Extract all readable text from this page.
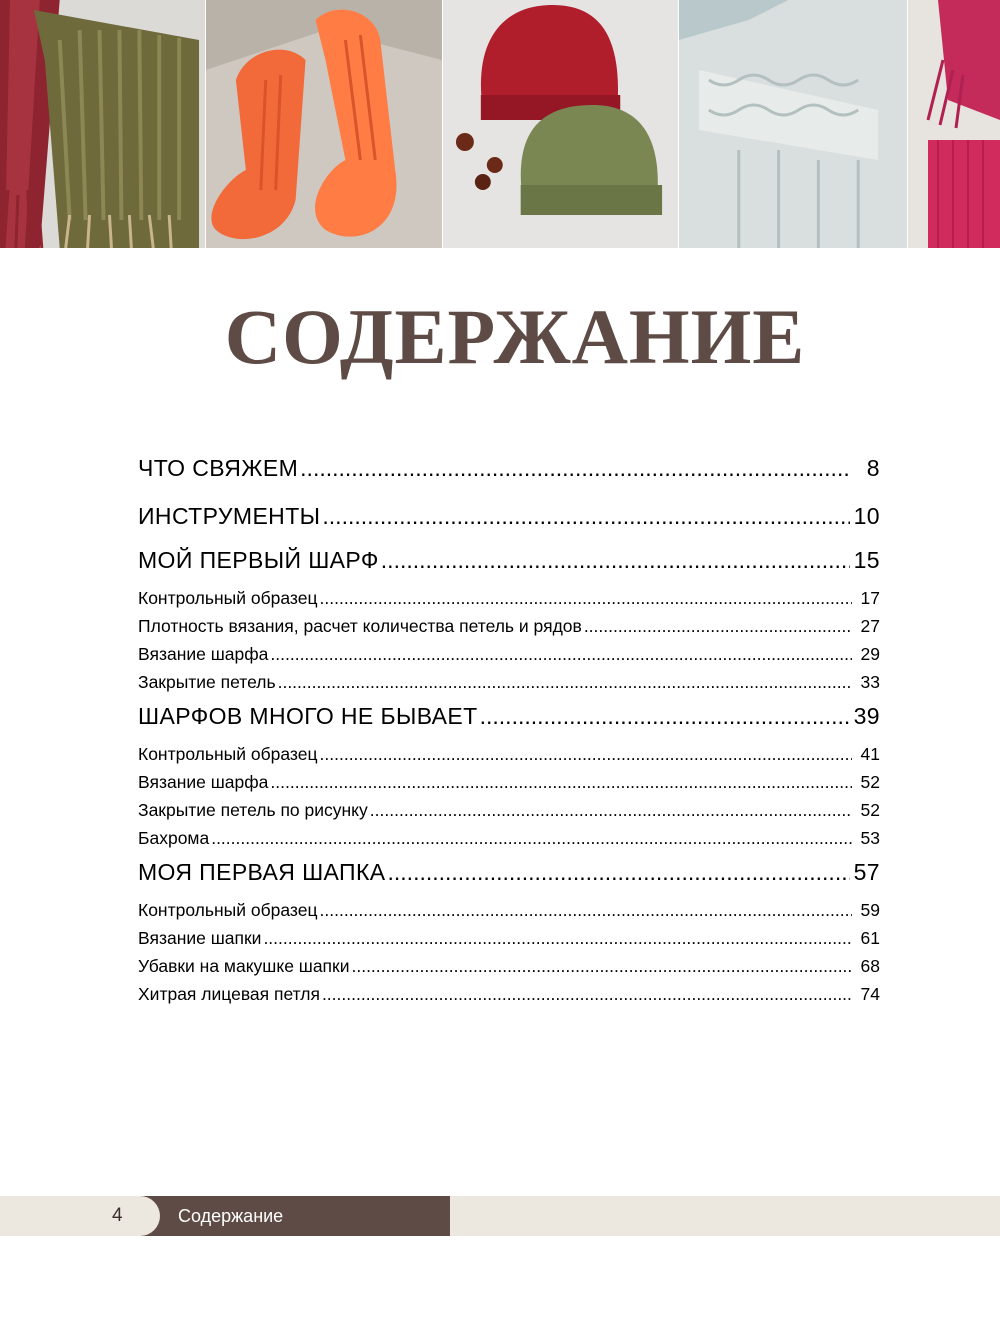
СОДЕРЖАНИЕ
ЧТО СВЯЖЕМ .....	8
ИНСТРУМЕНТЫ .....	10
МОЙ ПЕРВЫЙ ШАРФ .....	15
Контрольный образец .....	17
Плотность вязания, расчет количества петель и рядов .....	27
Вязание шарфа .....	29
Закрытие петель .....	33
ШАРФОВ МНОГО НЕ БЫВАЕТ .....	39
Контрольный образец .....	41
Вязание шарфа .....	52
Закрытие петель по рисунку .....	52
Бахрома .....	53
МОЯ ПЕРВАЯ ШАПКА .....	57
Контрольный образец .....	59
Вязание шапки .....	61
Убавки на макушке шапки .....	68
Хитрая лицевая петля .....	74
4	Содержание
